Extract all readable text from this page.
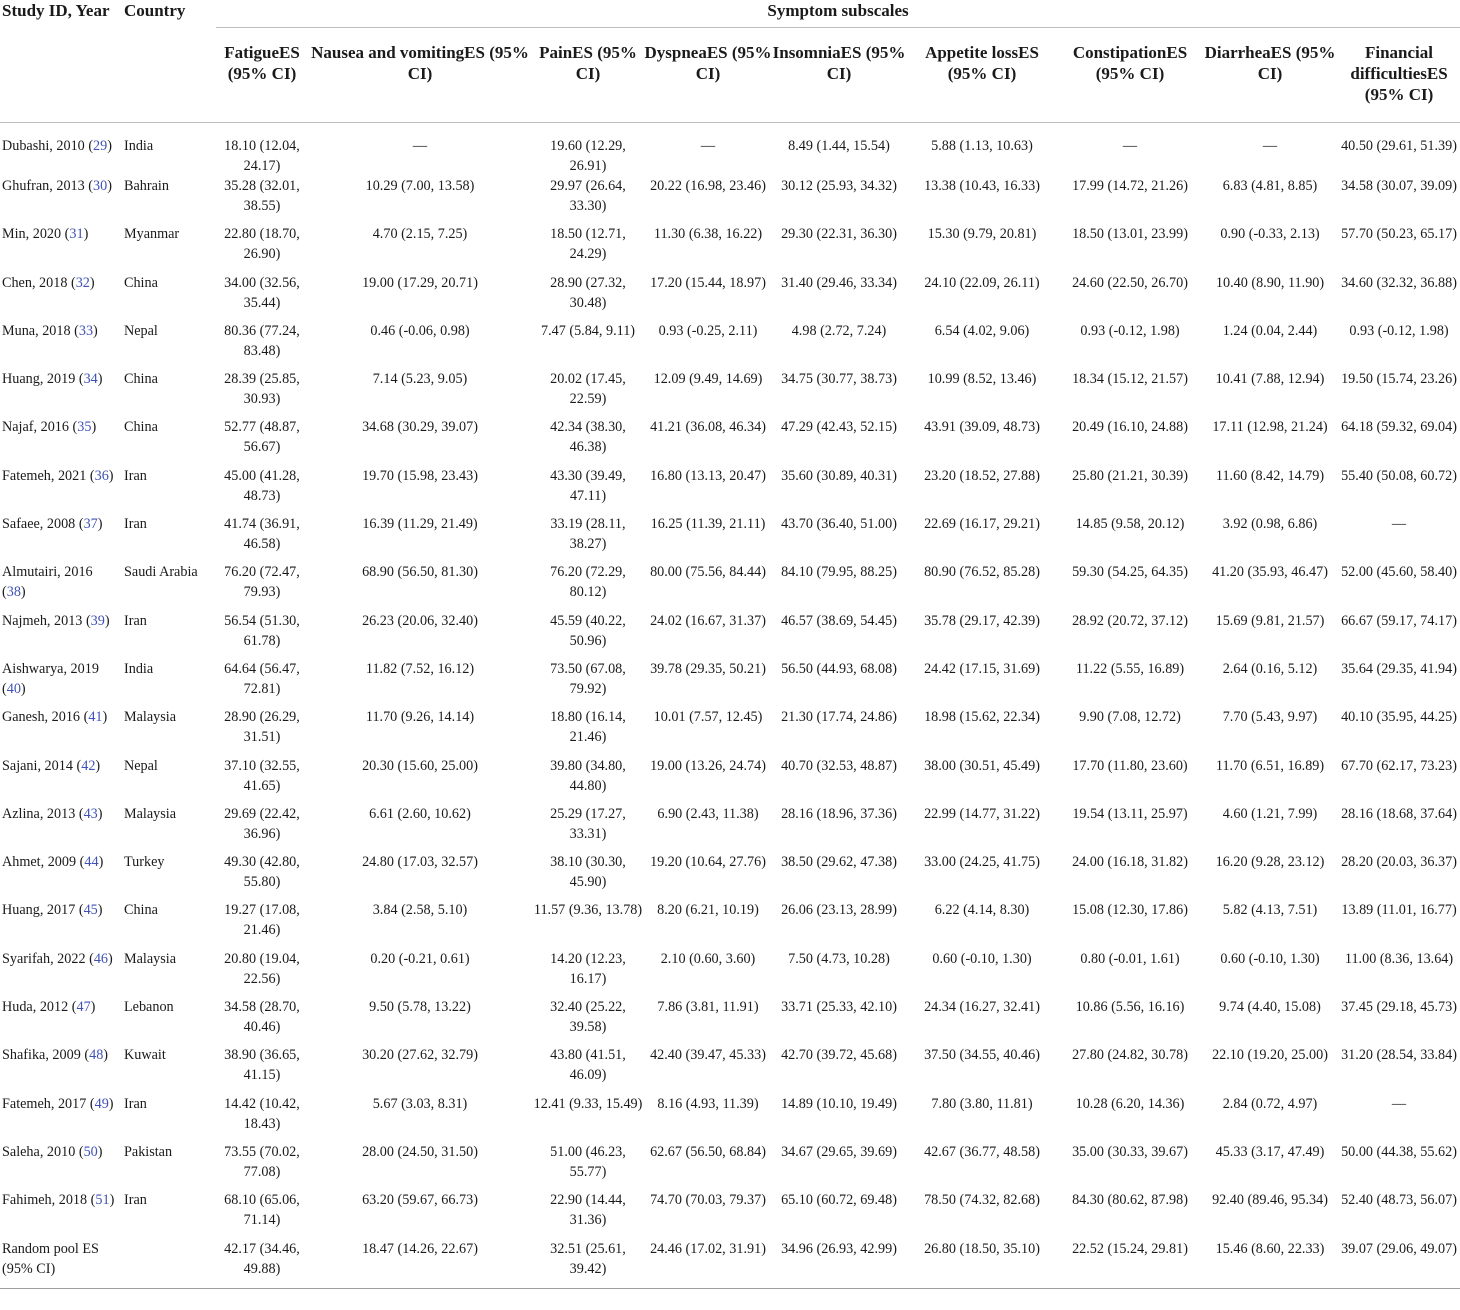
Study ID, Year	Country	Symptom subscales								
		FatigueES (95% CI)	Nausea and vomitingES (95% CI)	PainES (95% CI)	DyspneaES (95% CI)	InsomniaES (95% CI)	Appetite lossES (95% CI)	ConstipationES (95% CI)	DiarrheaES (95% CI)	Financial difficultiesES (95% CI)
Dubashi, 2010 (29)	India	18.10 (12.04, 24.17)	—	19.60 (12.29, 26.91)	—	8.49 (1.44, 15.54)	5.88 (1.13, 10.63)	—	—	40.50 (29.61, 51.39)
Ghufran, 2013 (30)	Bahrain	35.28 (32.01, 38.55)	10.29 (7.00, 13.58)	29.97 (26.64, 33.30)	20.22 (16.98, 23.46)	30.12 (25.93, 34.32)	13.38 (10.43, 16.33)	17.99 (14.72, 21.26)	6.83 (4.81, 8.85)	34.58 (30.07, 39.09)
Min, 2020 (31)	Myanmar	22.80 (18.70, 26.90)	4.70 (2.15, 7.25)	18.50 (12.71, 24.29)	11.30 (6.38, 16.22)	29.30 (22.31, 36.30)	15.30 (9.79, 20.81)	18.50 (13.01, 23.99)	0.90 (-0.33, 2.13)	57.70 (50.23, 65.17)
Chen, 2018 (32)	China	34.00 (32.56, 35.44)	19.00 (17.29, 20.71)	28.90 (27.32, 30.48)	17.20 (15.44, 18.97)	31.40 (29.46, 33.34)	24.10 (22.09, 26.11)	24.60 (22.50, 26.70)	10.40 (8.90, 11.90)	34.60 (32.32, 36.88)
Muna, 2018 (33)	Nepal	80.36 (77.24, 83.48)	0.46 (-0.06, 0.98)	7.47 (5.84, 9.11)	0.93 (-0.25, 2.11)	4.98 (2.72, 7.24)	6.54 (4.02, 9.06)	0.93 (-0.12, 1.98)	1.24 (0.04, 2.44)	0.93 (-0.12, 1.98)
Huang, 2019 (34)	China	28.39 (25.85, 30.93)	7.14 (5.23, 9.05)	20.02 (17.45, 22.59)	12.09 (9.49, 14.69)	34.75 (30.77, 38.73)	10.99 (8.52, 13.46)	18.34 (15.12, 21.57)	10.41 (7.88, 12.94)	19.50 (15.74, 23.26)
Najaf, 2016 (35)	China	52.77 (48.87, 56.67)	34.68 (30.29, 39.07)	42.34 (38.30, 46.38)	41.21 (36.08, 46.34)	47.29 (42.43, 52.15)	43.91 (39.09, 48.73)	20.49 (16.10, 24.88)	17.11 (12.98, 21.24)	64.18 (59.32, 69.04)
Fatemeh, 2021 (36)	Iran	45.00 (41.28, 48.73)	19.70 (15.98, 23.43)	43.30 (39.49, 47.11)	16.80 (13.13, 20.47)	35.60 (30.89, 40.31)	23.20 (18.52, 27.88)	25.80 (21.21, 30.39)	11.60 (8.42, 14.79)	55.40 (50.08, 60.72)
Safaee, 2008 (37)	Iran	41.74 (36.91, 46.58)	16.39 (11.29, 21.49)	33.19 (28.11, 38.27)	16.25 (11.39, 21.11)	43.70 (36.40, 51.00)	22.69 (16.17, 29.21)	14.85 (9.58, 20.12)	3.92 (0.98, 6.86)	—
Almutairi, 2016 (38)	Saudi Arabia	76.20 (72.47, 79.93)	68.90 (56.50, 81.30)	76.20 (72.29, 80.12)	80.00 (75.56, 84.44)	84.10 (79.95, 88.25)	80.90 (76.52, 85.28)	59.30 (54.25, 64.35)	41.20 (35.93, 46.47)	52.00 (45.60, 58.40)
Najmeh, 2013 (39)	Iran	56.54 (51.30, 61.78)	26.23 (20.06, 32.40)	45.59 (40.22, 50.96)	24.02 (16.67, 31.37)	46.57 (38.69, 54.45)	35.78 (29.17, 42.39)	28.92 (20.72, 37.12)	15.69 (9.81, 21.57)	66.67 (59.17, 74.17)
Aishwarya, 2019 (40)	India	64.64 (56.47, 72.81)	11.82 (7.52, 16.12)	73.50 (67.08, 79.92)	39.78 (29.35, 50.21)	56.50 (44.93, 68.08)	24.42 (17.15, 31.69)	11.22 (5.55, 16.89)	2.64 (0.16, 5.12)	35.64 (29.35, 41.94)
Ganesh, 2016 (41)	Malaysia	28.90 (26.29, 31.51)	11.70 (9.26, 14.14)	18.80 (16.14, 21.46)	10.01 (7.57, 12.45)	21.30 (17.74, 24.86)	18.98 (15.62, 22.34)	9.90 (7.08, 12.72)	7.70 (5.43, 9.97)	40.10 (35.95, 44.25)
Sajani, 2014 (42)	Nepal	37.10 (32.55, 41.65)	20.30 (15.60, 25.00)	39.80 (34.80, 44.80)	19.00 (13.26, 24.74)	40.70 (32.53, 48.87)	38.00 (30.51, 45.49)	17.70 (11.80, 23.60)	11.70 (6.51, 16.89)	67.70 (62.17, 73.23)
Azlina, 2013 (43)	Malaysia	29.69 (22.42, 36.96)	6.61 (2.60, 10.62)	25.29 (17.27, 33.31)	6.90 (2.43, 11.38)	28.16 (18.96, 37.36)	22.99 (14.77, 31.22)	19.54 (13.11, 25.97)	4.60 (1.21, 7.99)	28.16 (18.68, 37.64)
Ahmet, 2009 (44)	Turkey	49.30 (42.80, 55.80)	24.80 (17.03, 32.57)	38.10 (30.30, 45.90)	19.20 (10.64, 27.76)	38.50 (29.62, 47.38)	33.00 (24.25, 41.75)	24.00 (16.18, 31.82)	16.20 (9.28, 23.12)	28.20 (20.03, 36.37)
Huang, 2017 (45)	China	19.27 (17.08, 21.46)	3.84 (2.58, 5.10)	11.57 (9.36, 13.78)	8.20 (6.21, 10.19)	26.06 (23.13, 28.99)	6.22 (4.14, 8.30)	15.08 (12.30, 17.86)	5.82 (4.13, 7.51)	13.89 (11.01, 16.77)
Syarifah, 2022 (46)	Malaysia	20.80 (19.04, 22.56)	0.20 (-0.21, 0.61)	14.20 (12.23, 16.17)	2.10 (0.60, 3.60)	7.50 (4.73, 10.28)	0.60 (-0.10, 1.30)	0.80 (-0.01, 1.61)	0.60 (-0.10, 1.30)	11.00 (8.36, 13.64)
Huda, 2012 (47)	Lebanon	34.58 (28.70, 40.46)	9.50 (5.78, 13.22)	32.40 (25.22, 39.58)	7.86 (3.81, 11.91)	33.71 (25.33, 42.10)	24.34 (16.27, 32.41)	10.86 (5.56, 16.16)	9.74 (4.40, 15.08)	37.45 (29.18, 45.73)
Shafika, 2009 (48)	Kuwait	38.90 (36.65, 41.15)	30.20 (27.62, 32.79)	43.80 (41.51, 46.09)	42.40 (39.47, 45.33)	42.70 (39.72, 45.68)	37.50 (34.55, 40.46)	27.80 (24.82, 30.78)	22.10 (19.20, 25.00)	31.20 (28.54, 33.84)
Fatemeh, 2017 (49)	Iran	14.42 (10.42, 18.43)	5.67 (3.03, 8.31)	12.41 (9.33, 15.49)	8.16 (4.93, 11.39)	14.89 (10.10, 19.49)	7.80 (3.80, 11.81)	10.28 (6.20, 14.36)	2.84 (0.72, 4.97)	—
Saleha, 2010 (50)	Pakistan	73.55 (70.02, 77.08)	28.00 (24.50, 31.50)	51.00 (46.23, 55.77)	62.67 (56.50, 68.84)	34.67 (29.65, 39.69)	42.67 (36.77, 48.58)	35.00 (30.33, 39.67)	45.33 (3.17, 47.49)	50.00 (44.38, 55.62)
Fahimeh, 2018 (51)	Iran	68.10 (65.06, 71.14)	63.20 (59.67, 66.73)	22.90 (14.44, 31.36)	74.70 (70.03, 79.37)	65.10 (60.72, 69.48)	78.50 (74.32, 82.68)	84.30 (80.62, 87.98)	92.40 (89.46, 95.34)	52.40 (48.73, 56.07)
Random pool ES (95% CI)		42.17 (34.46, 49.88)	18.47 (14.26, 22.67)	32.51 (25.61, 39.42)	24.46 (17.02, 31.91)	34.96 (26.93, 42.99)	26.80 (18.50, 35.10)	22.52 (15.24, 29.81)	15.46 (8.60, 22.33)	39.07 (29.06, 49.07)
